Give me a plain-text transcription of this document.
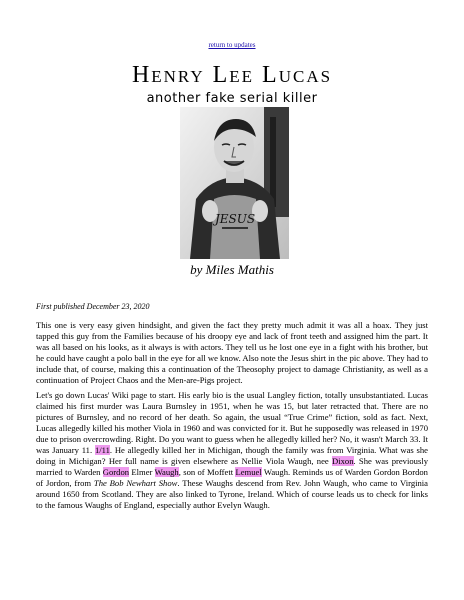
return to updates
Henry Lee Lucas
another fake serial killer
JESUS
by Miles Mathis
First published December 23, 2020

This one is very easy given hindsight, and given the fact they pretty much admit it was all a hoax. They just tapped this guy from the Families because of his droopy eye and lack of front teeth and assigned him the part. It was all based on his looks, as it always is with actors. They tell us he lost one eye in a fight with his brother, but he could have caught a polo ball in the eye for all we know. Also note the Jesus shirt in the pic above. They had to include that, of course, making this a continuation of the Theosophy project to damage Christianity, as well as a continuation of Project Chaos and the Men-are-Pigs project.

Let's go down Lucas' Wiki page to start. His early bio is the usual Langley fiction, totally unsubstantiated. Lucas claimed his first murder was Laura Burnsley in 1951, when he was 15, but later retracted that. There are no pictures of Burnsley, and no record of her death. So again, the usual “True Crime” fiction, sold as fact. Next, Lucas allegedly killed his mother Viola in 1960 and was convicted for it. But he supposedly was released in 1970 due to prison overcrowding. Right. Do you want to guess when he allegedly killed her? No, it wasn't March 33. It was January 11. 1/11. He allegedly killed her in Michigan, though the family was from Virginia. What was she doing in Michigan? Her full name is given elsewhere as Nellie Viola Waugh, nee Dixon. She was previously married to Warden Gordon Elmer Waugh, son of Moffett Lemuel Waugh. Reminds us of Warden Gordon Bordon of Jordon, from The Bob Newhart Show. These Waughs descend from Rev. John Waugh, who came to Virginia around 1650 from Scotland. They are also linked to Tyrone, Ireland. Which of course leads us to check for links to the famous Waughs of England, especially author Evelyn Waugh.
